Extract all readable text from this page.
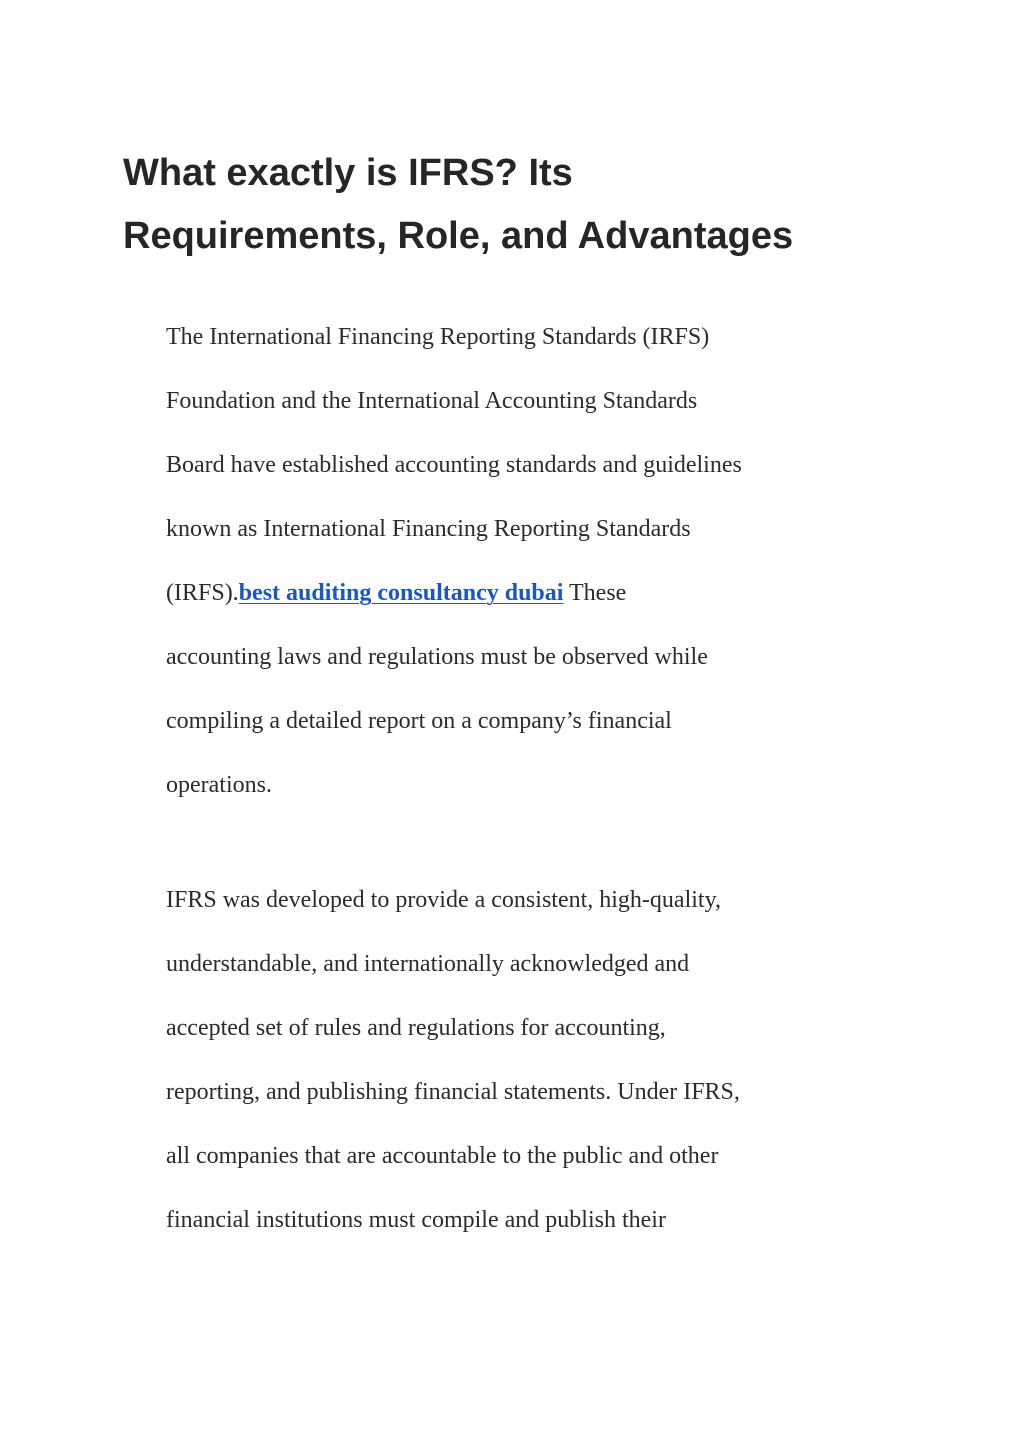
What exactly is IFRS? Its
Requirements, Role, and Advantages
The International Financing Reporting Standards (IRFS)
Foundation and the International Accounting Standards
Board have established accounting standards and guidelines
known as International Financing Reporting Standards
(IRFS).best auditing consultancy dubai These
accounting laws and regulations must be observed while
compiling a detailed report on a company’s financial
operations.
IFRS was developed to provide a consistent, high-quality,
understandable, and internationally acknowledged and
accepted set of rules and regulations for accounting,
reporting, and publishing financial statements. Under IFRS,
all companies that are accountable to the public and other
financial institutions must compile and publish their
